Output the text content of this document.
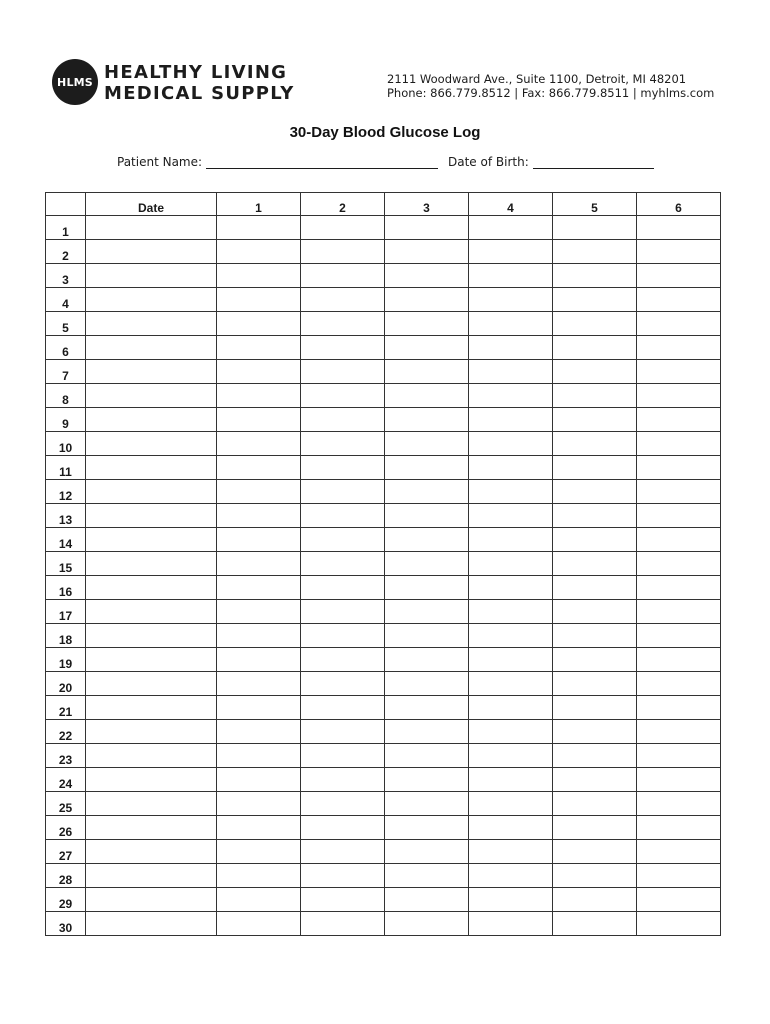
HLMS HEALTHY LIVING
MEDICAL SUPPLY
2111 Woodward Ave., Suite 1100, Detroit, MI 48201
Phone: 866.779.8512 | Fax: 866.779.8511 | myhlms.com
30-Day Blood Glucose Log
Patient Name:	Date of Birth:
	Date	1	2	3	4	5	6
1							
2							
3							
4							
5							
6							
7							
8							
9							
10							
11							
12							
13							
14							
15							
16							
17							
18							
19							
20							
21							
22							
23							
24							
25							
26							
27							
28							
29							
30							
